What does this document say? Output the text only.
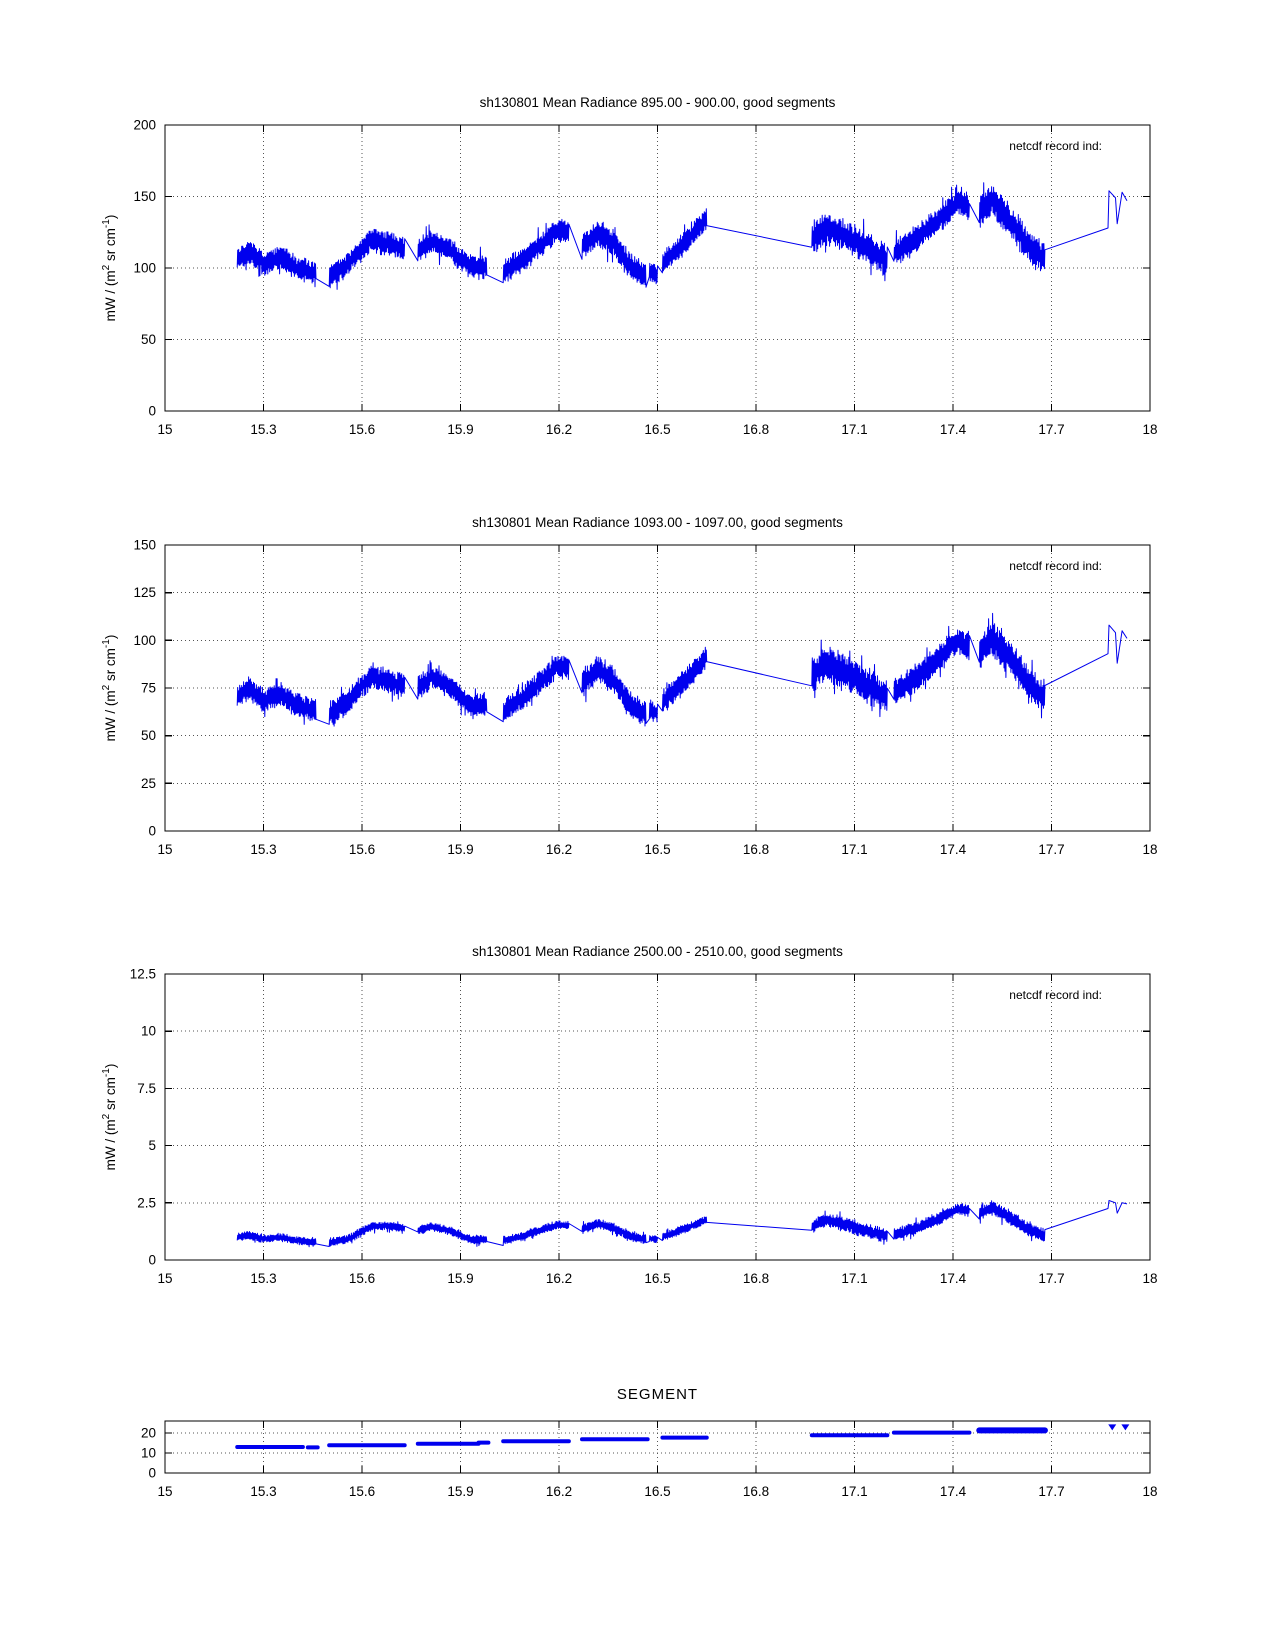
sh130801 Mean Radiance 895.00 - 900.00, good segments
mW / ($m^2$ sr $cm^{-1}$)
netcdf record ind:
15	15.3	15.6	15.9	16.2	16.5	16.8	17.1	17.4	17.7	18
0
50
100
150
200
sh130801 Mean Radiance 1093.00 - 1097.00, good segments
mW / ($m^2$ sr $cm^{-1}$)
netcdf record ind:
15	15.3	15.6	15.9	16.2	16.5	16.8	17.1	17.4	17.7	18
0
25
50
75
100
125
150
sh130801 Mean Radiance 2500.00 - 2510.00, good segments
mW / ($m^2$ sr $cm^{-1}$)
netcdf record ind:
15	15.3	15.6	15.9	16.2	16.5	16.8	17.1	17.4	17.7	18
0
2.5
5
7.5
10
12.5
SEGMENT
15	15.3	15.6	15.9	16.2	16.5	16.8	17.1	17.4	17.7	18
0
10
20
